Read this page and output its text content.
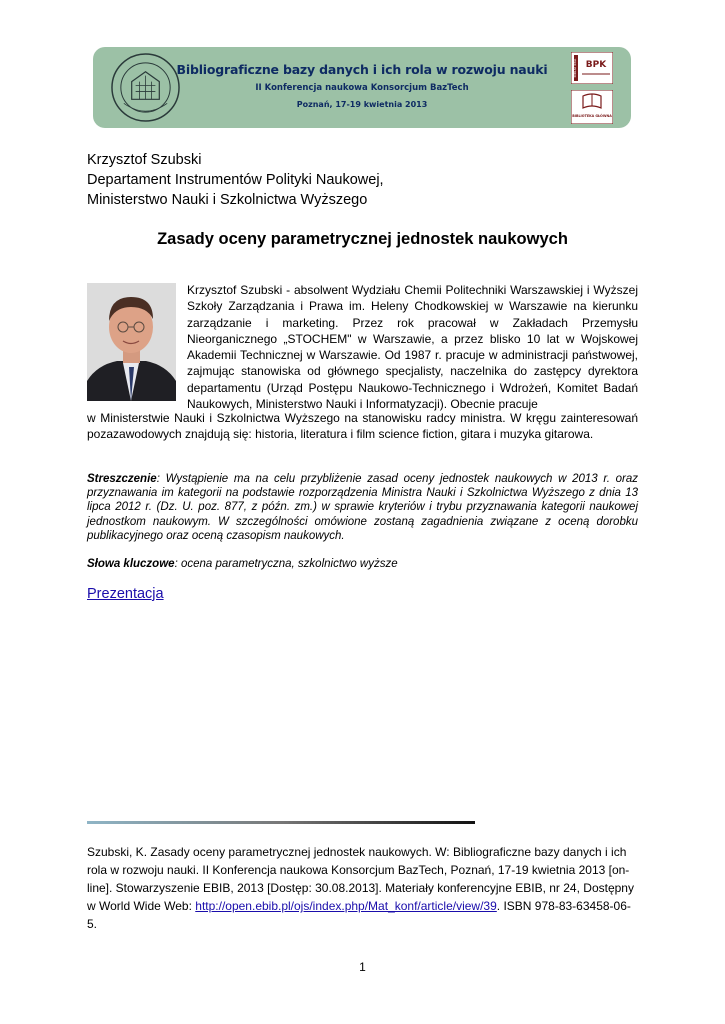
Bibliograficzne bazy danych i ich rola w rozwoju nauki
II Konferencja naukowa Konsorcjum BazTech
Poznań, 17-19 kwietnia 2013
BIBLIOTEKA BPK
BIBLIOTEKA GŁÓWNA
Krzysztof Szubski
Departament Instrumentów Polityki Naukowej,
Ministerstwo Nauki i Szkolnictwa Wyższego
Zasady oceny parametrycznej jednostek naukowych

Krzysztof Szubski - absolwent Wydziału Chemii Politechniki Warszawskiej i Wyższej Szkoły Zarządzania i Prawa im. Heleny Chodkowskiej w Warszawie na kierunku zarządzanie i marketing. Przez rok pracował w Zakładach Przemysłu Nieorganicznego „STOCHEM" w Warszawie, a przez blisko 10 lat w Wojskowej Akademii Technicznej w Warszawie. Od 1987 r. pracuje w administracji państwowej, zajmując stanowiska od głównego specjalisty, naczelnika do zastępcy dyrektora departamentu (Urząd Postępu Naukowo-Technicznego i Wdrożeń, Komitet Badań Naukowych, Ministerstwo Nauki i Informatyzacji). Obecnie pracuje

w Ministerstwie Nauki i Szkolnictwa Wyższego na stanowisku radcy ministra. W kręgu zainteresowań pozazawodowych znajdują się: historia, literatura i film science fiction, gitara i muzyka gitarowa.

Streszczenie: Wystąpienie ma na celu przybliżenie zasad oceny jednostek naukowych w 2013 r. oraz przyznawania im kategorii na podstawie rozporządzenia Ministra Nauki i Szkolnictwa Wyższego z dnia 13 lipca 2012 r. (Dz. U. poz. 877, z późn. zm.) w sprawie kryteriów i trybu przyznawania kategorii naukowej jednostkom naukowym. W szczególności omówione zostaną zagadnienia związane z oceną dorobku publikacyjnego oraz oceną czasopism naukowych.

Słowa kluczowe: ocena parametryczna, szkolnictwo wyższe

Prezentacja

Szubski, K. Zasady oceny parametrycznej jednostek naukowych. W: Bibliograficzne bazy danych i ich rola w rozwoju nauki. II Konferencja naukowa Konsorcjum BazTech, Poznań, 17-19 kwietnia 2013 [on-line]. Stowarzyszenie EBIB, 2013 [Dostęp: 30.08.2013]. Materiały konferencyjne EBIB, nr 24, Dostępny w World Wide Web: http://open.ebib.pl/ojs/index.php/Mat_konf/article/view/39. ISBN 978-83-63458-06-5.

1
